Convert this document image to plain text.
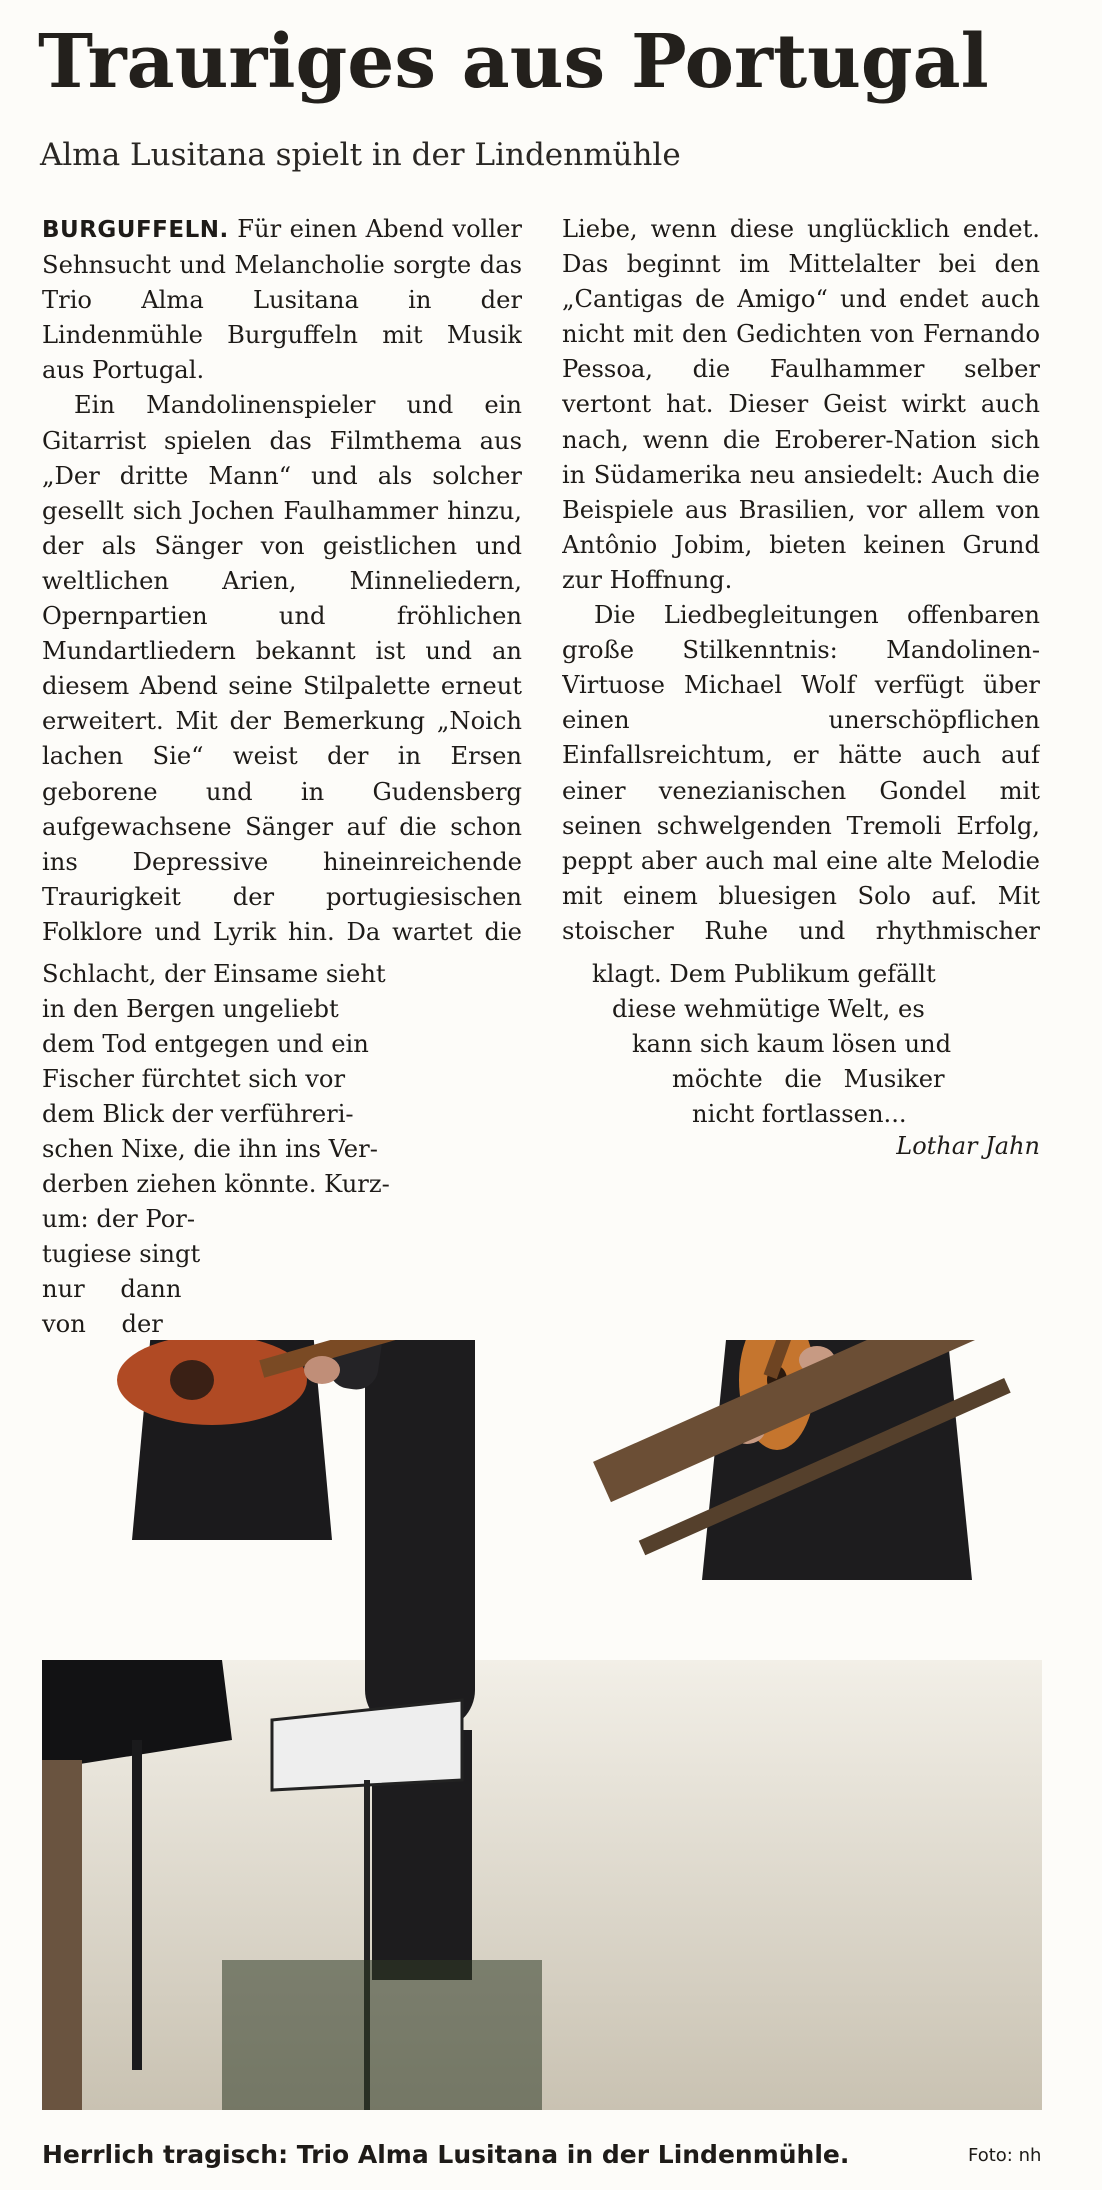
Trauriges aus Portugal
Alma Lusitana spielt in der Lindenmühle

BURGUFFELN. Für einen Abend voller Sehnsucht und Melancholie sorgte das Trio Alma Lusitana in der Lindenmühle Burguffeln mit Musik aus Portugal.

Ein Mandolinenspieler und ein Gitarrist spielen das Filmthema aus „Der dritte Mann“ und als solcher gesellt sich Jochen Faulhammer hinzu, der als Sänger von geistlichen und weltlichen Arien, Minneliedern, Opernpartien und fröhlichen Mundartliedern bekannt ist und an diesem Abend seine Stilpalette erneut erweitert. Mit der Bemerkung „Noich lachen Sie“ weist der in Ersen geborene und in Gudensberg aufgewachsene Sänger auf die schon ins Depressive hineinreichende Traurigkeit der portugiesischen Folklore und Lyrik hin. Da wartet die

Schlacht, der Einsame sieht
in den Bergen ungeliebt
dem Tod entgegen und ein
Fischer fürchtet sich vor
dem Blick der verführeri-
schen Nixe, die ihn ins Ver-
derben ziehen könnte. Kurz-
um: der Por-
tugiese singt
nur dann
von der

Liebe, wenn diese unglücklich endet. Das beginnt im Mittelalter bei den „Cantigas de Amigo“ und endet auch nicht mit den Gedichten von Fernando Pessoa, die Faulhammer selber vertont hat. Dieser Geist wirkt auch nach, wenn die Eroberer-Nation sich in Südamerika neu ansiedelt: Auch die Beispiele aus Brasilien, vor allem von Antônio Jobim, bieten keinen Grund zur Hoffnung.

Die Liedbegleitungen offenbaren große Stilkenntnis: Mandolinen-Virtuose Michael Wolf verfügt über einen unerschöpflichen Einfallsreichtum, er hätte auch auf einer venezianischen Gondel mit seinen schwelgenden Tremoli Erfolg, peppt aber auch mal eine alte Melodie mit einem bluesigen Solo auf. Mit stoischer Ruhe und rhythmischer

klagt. Dem Publikum gefällt
diese wehmütige Welt, es
kann sich kaum lösen und
möchte die Musiker
nicht fortlassen...
Lothar Jahn
Herrlich tragisch: Trio Alma Lusitana in der Lindenmühle.	Foto: nh
